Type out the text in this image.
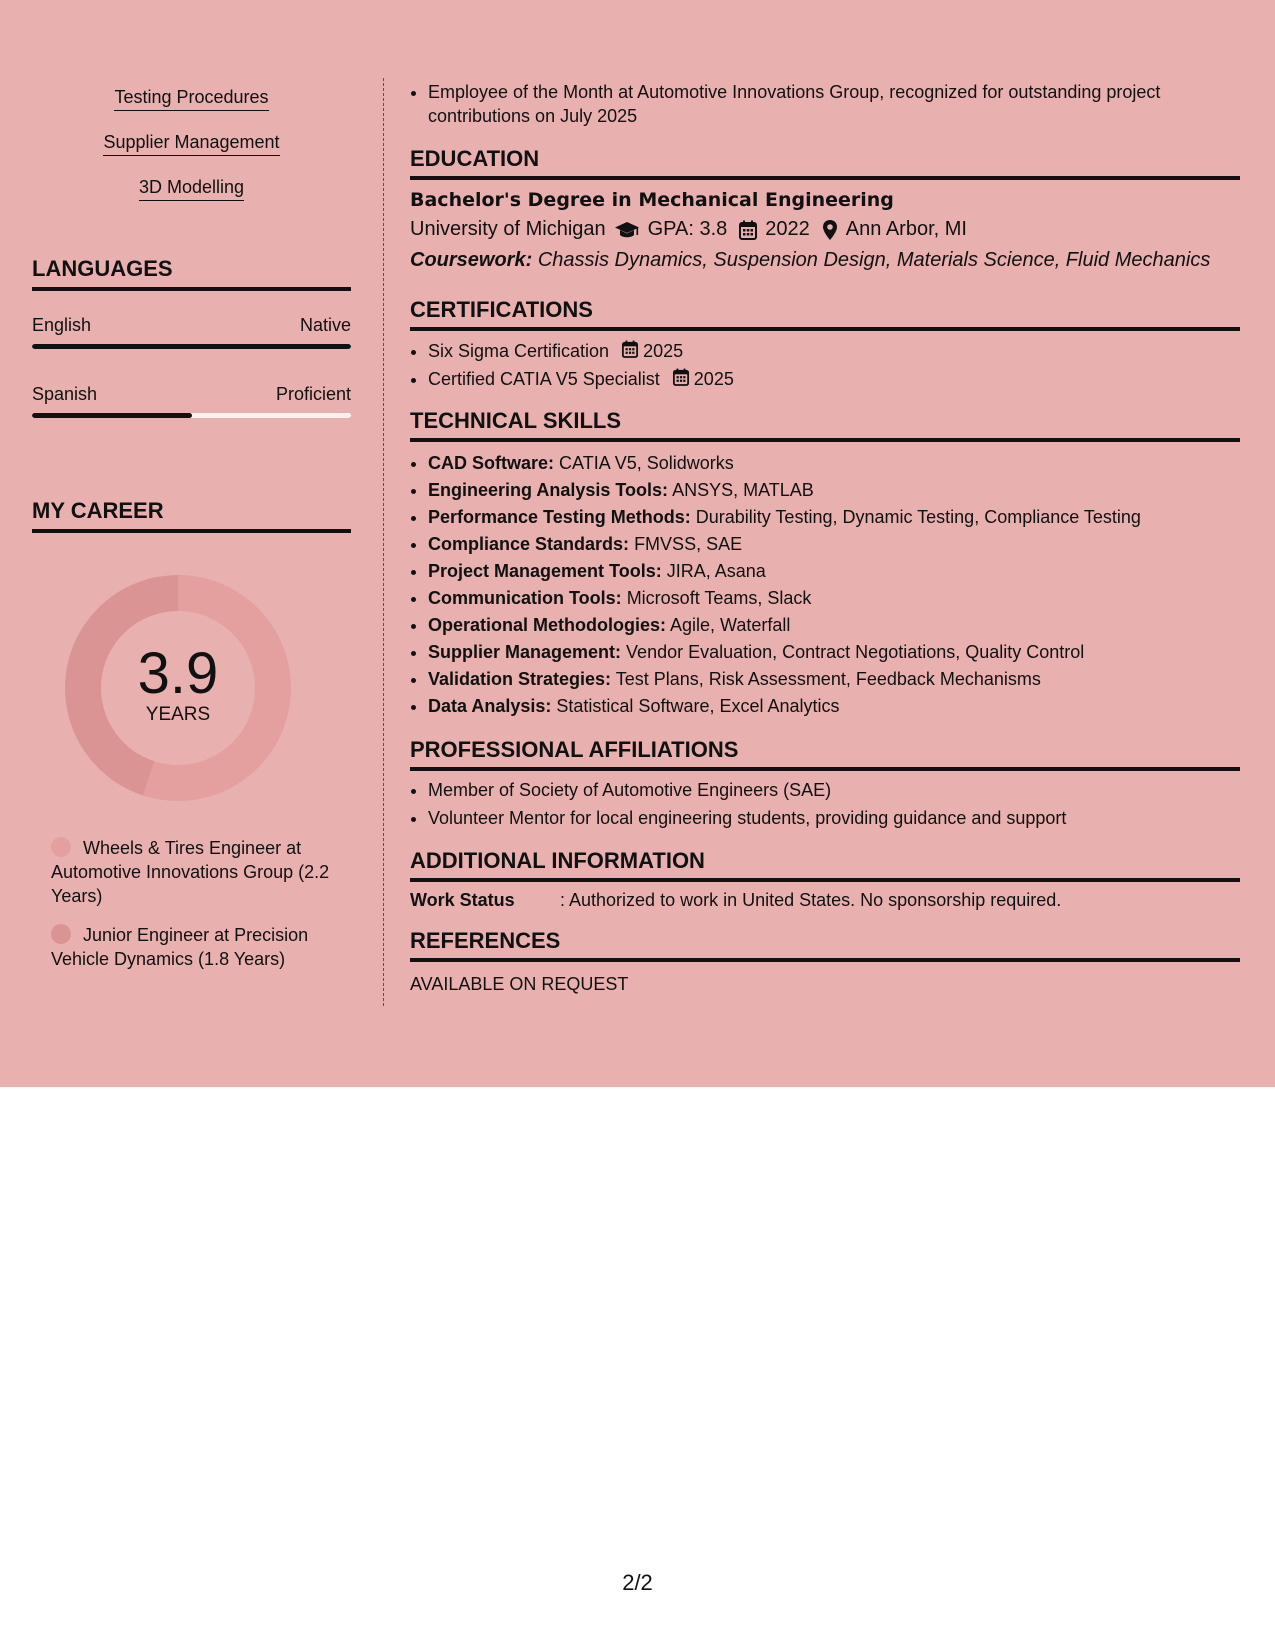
Testing Procedures
Supplier Management
3D Modelling
LANGUAGES
English	Native
Spanish	Proficient
MY CAREER
3.9
YEARS
Wheels & Tires Engineer at Automotive Innovations Group (2.2 Years)
Junior Engineer at Precision Vehicle Dynamics (1.8 Years)
• Employee of the Month at Automotive Innovations Group, recognized for outstanding project contributions on July 2025
EDUCATION
Bachelor's Degree in Mechanical Engineering
University of Michigan GPA: 3.8 2022 Ann Arbor, MI
Coursework: Chassis Dynamics, Suspension Design, Materials Science, Fluid Mechanics
CERTIFICATIONS
• Six Sigma Certification 2025
• Certified CATIA V5 Specialist 2025
TECHNICAL SKILLS
• CAD Software: CATIA V5, Solidworks
• Engineering Analysis Tools: ANSYS, MATLAB
• Performance Testing Methods: Durability Testing, Dynamic Testing, Compliance Testing
• Compliance Standards: FMVSS, SAE
• Project Management Tools: JIRA, Asana
• Communication Tools: Microsoft Teams, Slack
• Operational Methodologies: Agile, Waterfall
• Supplier Management: Vendor Evaluation, Contract Negotiations, Quality Control
• Validation Strategies: Test Plans, Risk Assessment, Feedback Mechanisms
• Data Analysis: Statistical Software, Excel Analytics
PROFESSIONAL AFFILIATIONS
• Member of Society of Automotive Engineers (SAE)
• Volunteer Mentor for local engineering students, providing guidance and support
ADDITIONAL INFORMATION
Work Status	: Authorized to work in United States. No sponsorship required.
REFERENCES
AVAILABLE ON REQUEST
2/2
